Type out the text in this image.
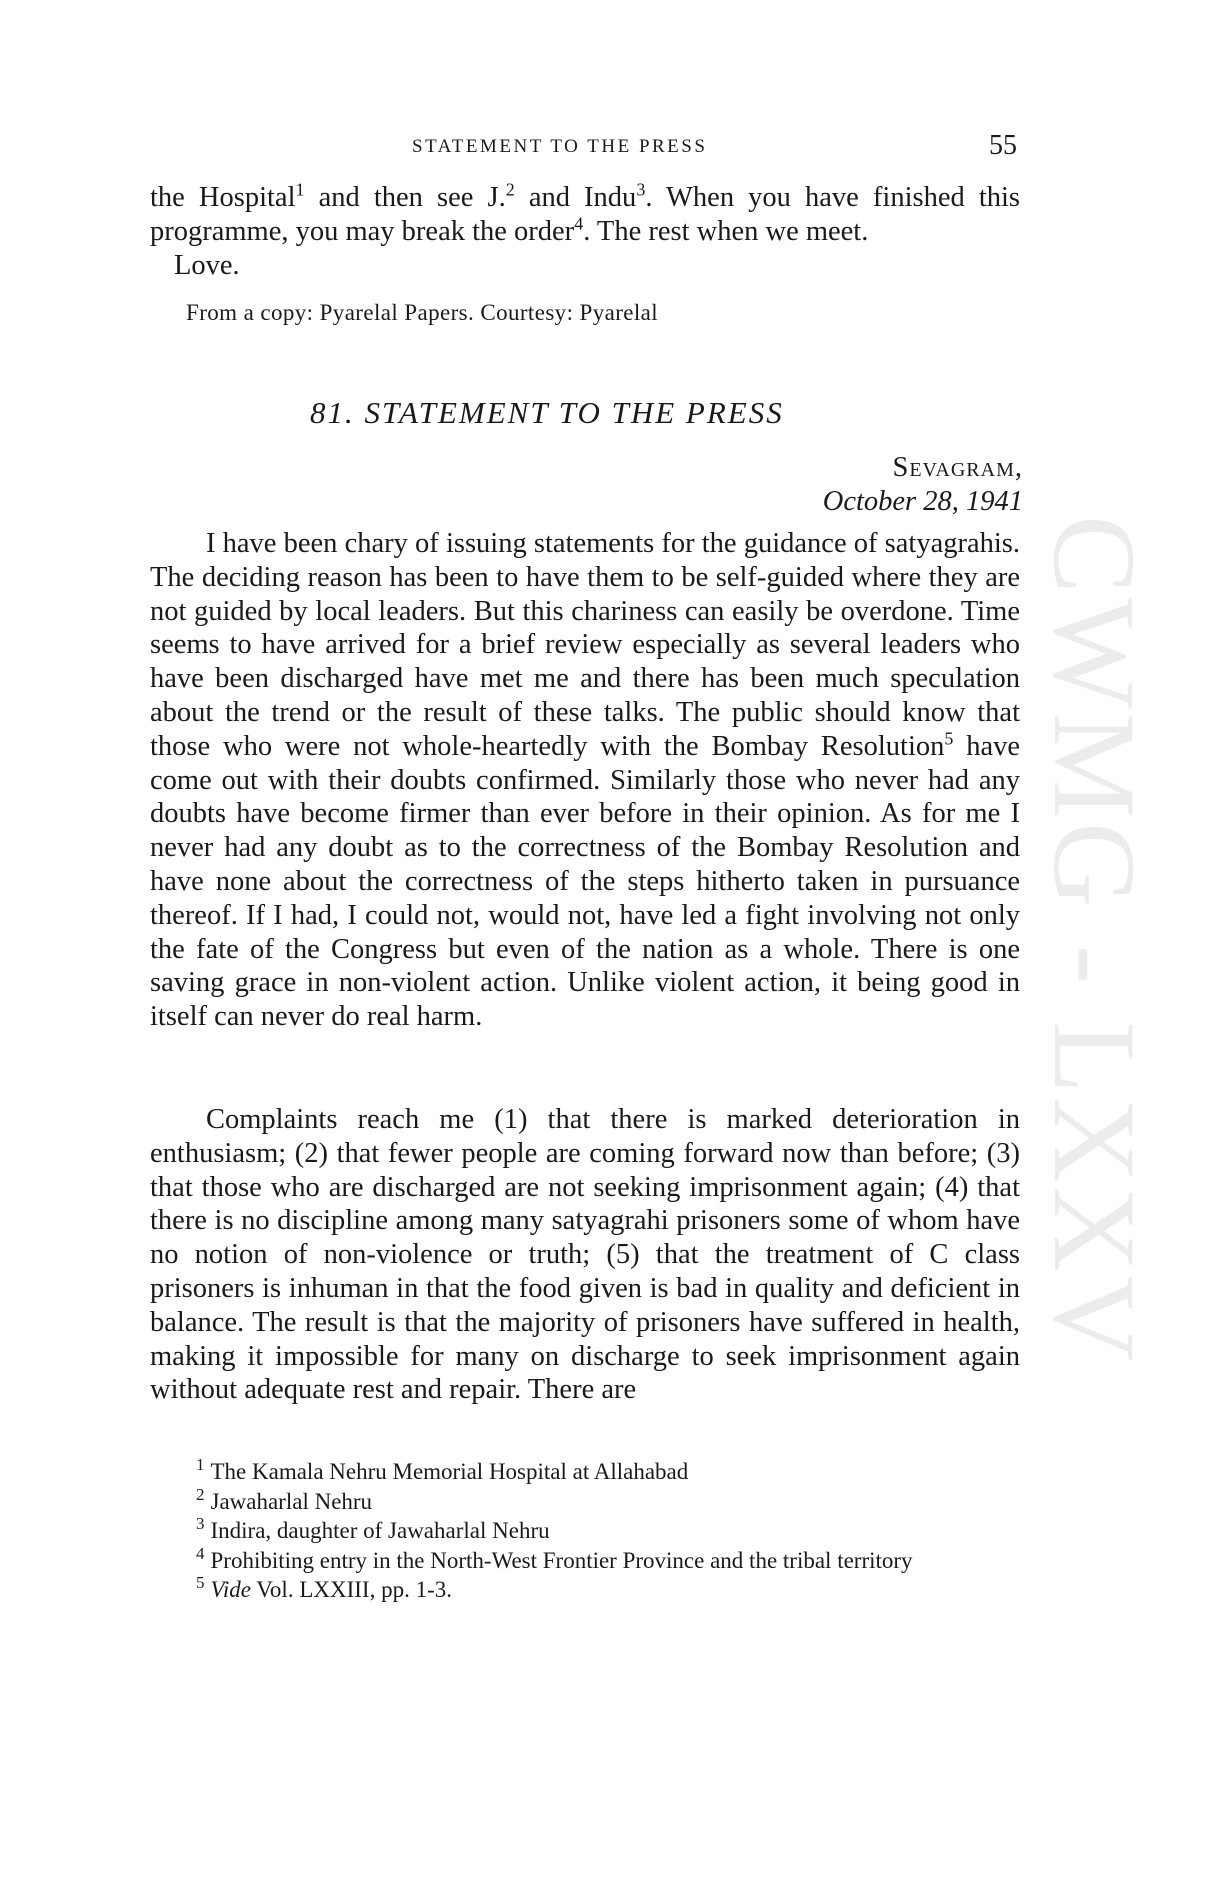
CWMG - LXXV
STATEMENT TO THE PRESS	55

the Hospital$^1$ and then see J.$^2$ and Indu$^3$. When you have finished this programme, you may break the order$^4$. The rest when we meet.

Love.

From a copy: Pyarelal Papers. Courtesy: Pyarelal
81. STATEMENT TO THE PRESS
Sevagram,
October 28, 1941

I have been chary of issuing statements for the guidance of satyagrahis. The deciding reason has been to have them to be self-guided where they are not guided by local leaders. But this chariness can easily be overdone. Time seems to have arrived for a brief review especially as several leaders who have been discharged have met me and there has been much speculation about the trend or the result of these talks. The public should know that those who were not whole-heartedly with the Bombay Resolution$^5$ have come out with their doubts confirmed. Similarly those who never had any doubts have become firmer than ever before in their opinion. As for me I never had any doubt as to the correctness of the Bombay Resolution and have none about the correctness of the steps hitherto taken in pursuance thereof. If I had, I could not, would not, have led a fight involving not only the fate of the Congress but even of the nation as a whole. There is one saving grace in non-violent action. Unlike violent action, it being good in itself can never do real harm.

Complaints reach me (1) that there is marked deterioration in enthusiasm; (2) that fewer people are coming forward now than before; (3) that those who are discharged are not seeking imprisonment again; (4) that there is no discipline among many satyagrahi prisoners some of whom have no notion of non-violence or truth; (5) that the treatment of C class prisoners is inhuman in that the food given is bad in quality and deficient in balance. The result is that the majority of prisoners have suffered in health, making it impossible for many on discharge to seek imprisonment again without adequate rest and repair. There are

$^1$ The Kamala Nehru Memorial Hospital at Allahabad

$^2$ Jawaharlal Nehru

$^3$ Indira, daughter of Jawaharlal Nehru

$^4$ Prohibiting entry in the North-West Frontier Province and the tribal territory

$^5$ Vide Vol. LXXIII, pp. 1-3.
